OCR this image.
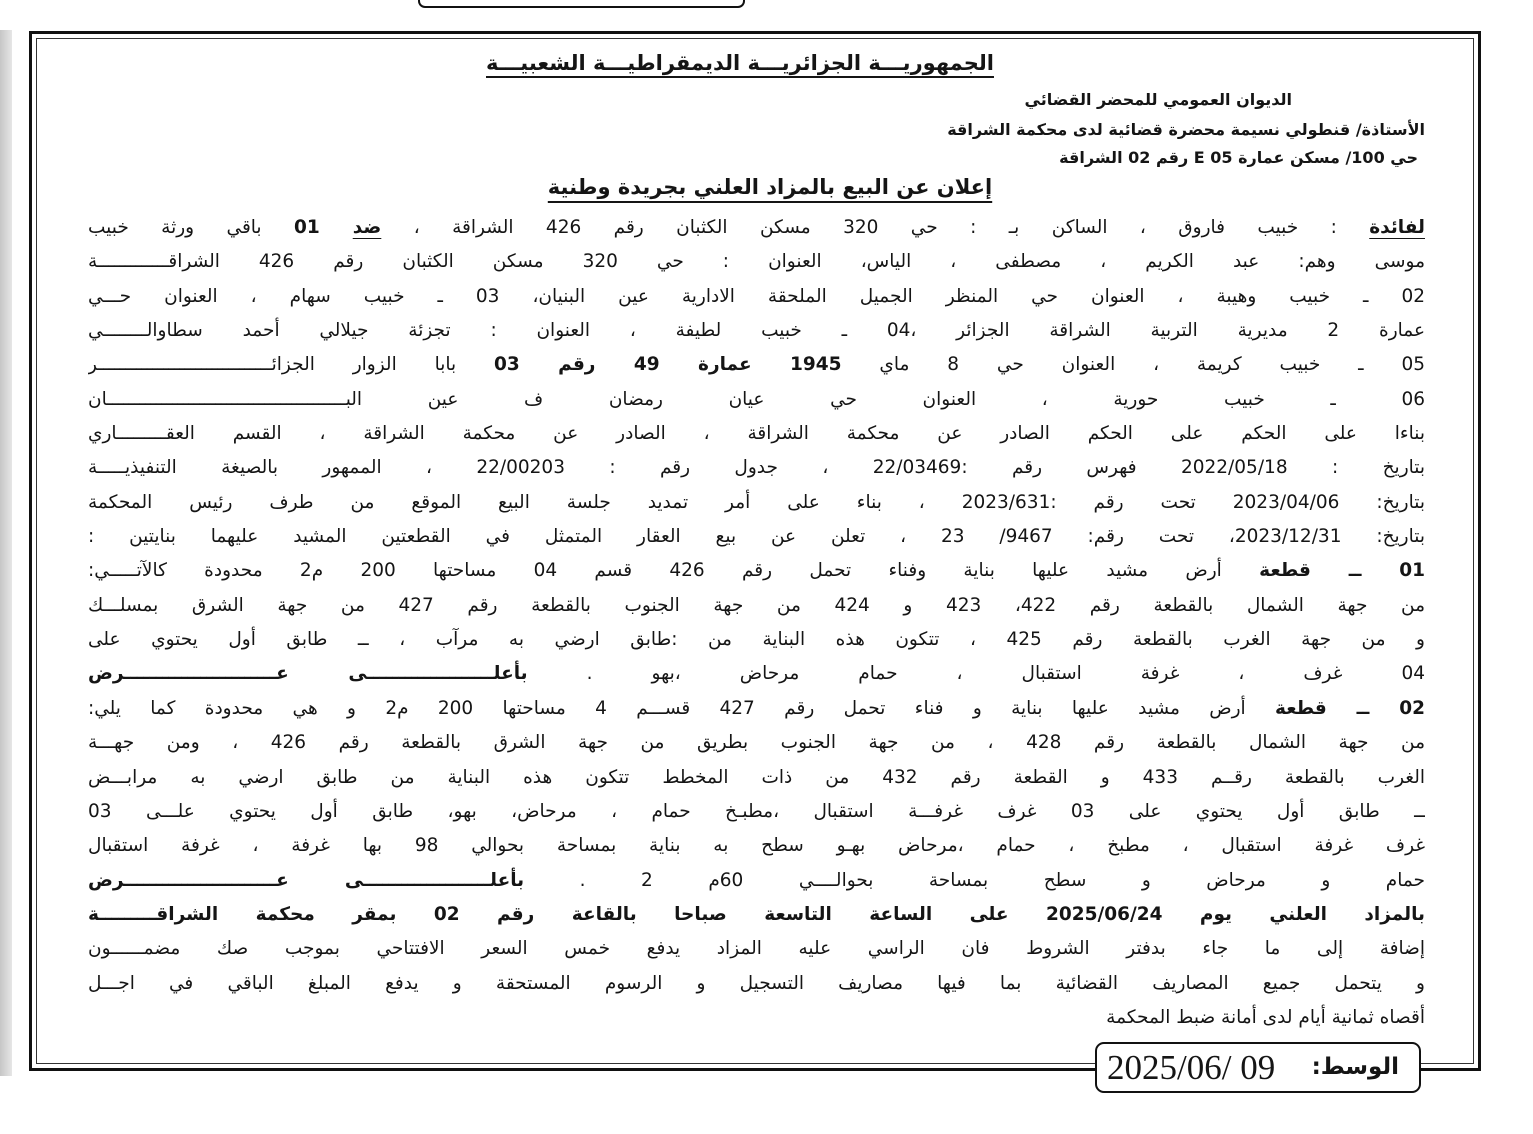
الجمهوريـــة الجزائريـــة الديمقراطيـــة الشعبيـــة
الديوان العمومي للمحضر القضائي
الأستاذة/ قنطولي نسيمة محضرة قضائية لدى محكمة الشراقة
حي 100/ مسكن عمارة E 05 رقم 02 الشراقة
إعلان عن البيع بالمزاد العلني بجريدة وطنية
لفائدة : خبيب فاروق ، الساكن بـ : حي 320 مسكن الكثبان رقم 426 الشراقة ، ضد 01 باقي ورثة خبيب
موسى وهم: عبد الكريم ، مصطفى ، الياس، العنوان : حي 320 مسكن الكثبان رقم 426 الشراقـــــــــــــة
02 ـ خبيب وهيبة ، العنوان حي المنظر الجميل الملحقة الادارية عين البنيان، 03 ـ خبيب سهام ، العنوان حـــي
عمارة 2 مديرية التربية الشراقة الجزائر ،04 ـ خبيب لطيفة ، العنوان : تجزئة جيلالي أحمد سطاوالــــــــي
05 ـ خبيب كريمة ، العنوان حي 8 ماي 1945 عمارة 49 رقم 03 بابا الزوار الجزائــــــــــــــــــــــــــــــــر
06 ـ خبيب حورية ، العنوان حي عيان رمضان ف عين البــــــــــــــــــــــــــــــــــــــــــــان
بناءا على الحكم على الحكم الصادر عن محكمة الشراقة ، الصادر عن محكمة الشراقة ، القسم العقـــــــــاري
بتاريخ : 2022/05/18 فهرس رقم :22/03469 ، جدول رقم : 22/00203 ، الممهور بالصيغة التنفيذيـــــة
بتاريخ: 2023/04/06 تحت رقم :2023/631 ، بناء على أمر تمديد جلسة البيع الموقع من طرف رئيس المحكمة
بتاريخ: 2023/12/31، تحت رقم: 9467/ 23 ، تعلن عن بيع العقار المتمثل في القطعتين المشيد عليهما بنايتين :
01 ــ قطعة أرض مشيد عليها بناية وفناء تحمل رقم 426 قسم 04 مساحتها 200 م2 محدودة كالآتـــــي:
من جهة الشمال بالقطعة رقم 422، 423 و 424 من جهة الجنوب بالقطعة رقم 427 من جهة الشرق بمسلـــك
و من جهة الغرب بالقطعة رقم 425 ، تتكون هذه البناية من :طابق ارضي به مرآب ، ــ طابق أول يحتوي على
04 غرف ، غرفة استقبال ، حمام مرحاض ،بهو . بأعلــــــــــــــــــــى عــــــــــــــــــــــــرض
02 ــ قطعة أرض مشيد عليها بناية و فناء تحمل رقم 427 قســـم 4 مساحتها 200 م2 و هي محدودة كما يلي:
من جهة الشمال بالقطعة رقم 428 ، من جهة الجنوب بطريق من جهة الشرق بالقطعة رقم 426 ، ومن جهـــة
الغرب بالقطعة رقــم 433 و القطعة رقم 432 من ذات المخطط تتكون هذه البناية من طابق ارضي به مرابـــض
ــ طابق أول يحتوي على 03 غرف غرفـــة استقبال ،مطبـخ حمام ، مرحاض، بهو، طابق أول يحتوي علـــى 03
غرف غرفة استقبال ، مطبخ ، حمام ،مرحاض بهـو سطح به بناية بمساحة بحوالي 98 بها غرفة ، غرفة استقبال
حمام و مرحاض و سطح بمساحة بحوالــــي 60م 2 . بأعلــــــــــــــــــــى عــــــــــــــــــــــــرض
بالمزاد العلني يوم 2025/06/24 على الساعة التاسعة صباحا بالقاعة رقم 02 بمقر محكمة الشراقـــــــــة
إضافة إلى ما جاء بدفتر الشروط فان الراسي عليه المزاد يدفع خمس السعر الافتتاحي بموجب صك مضمــــــون
و يتحمل جميع المصاريف القضائية بما فيها مصاريف التسجيل و الرسوم المستحقة و يدفع المبلغ الباقي في اجـــل
أقصاه ثمانية أيام لدى أمانة ضبط المحكمة
2025/06/ 09 الوسط:
